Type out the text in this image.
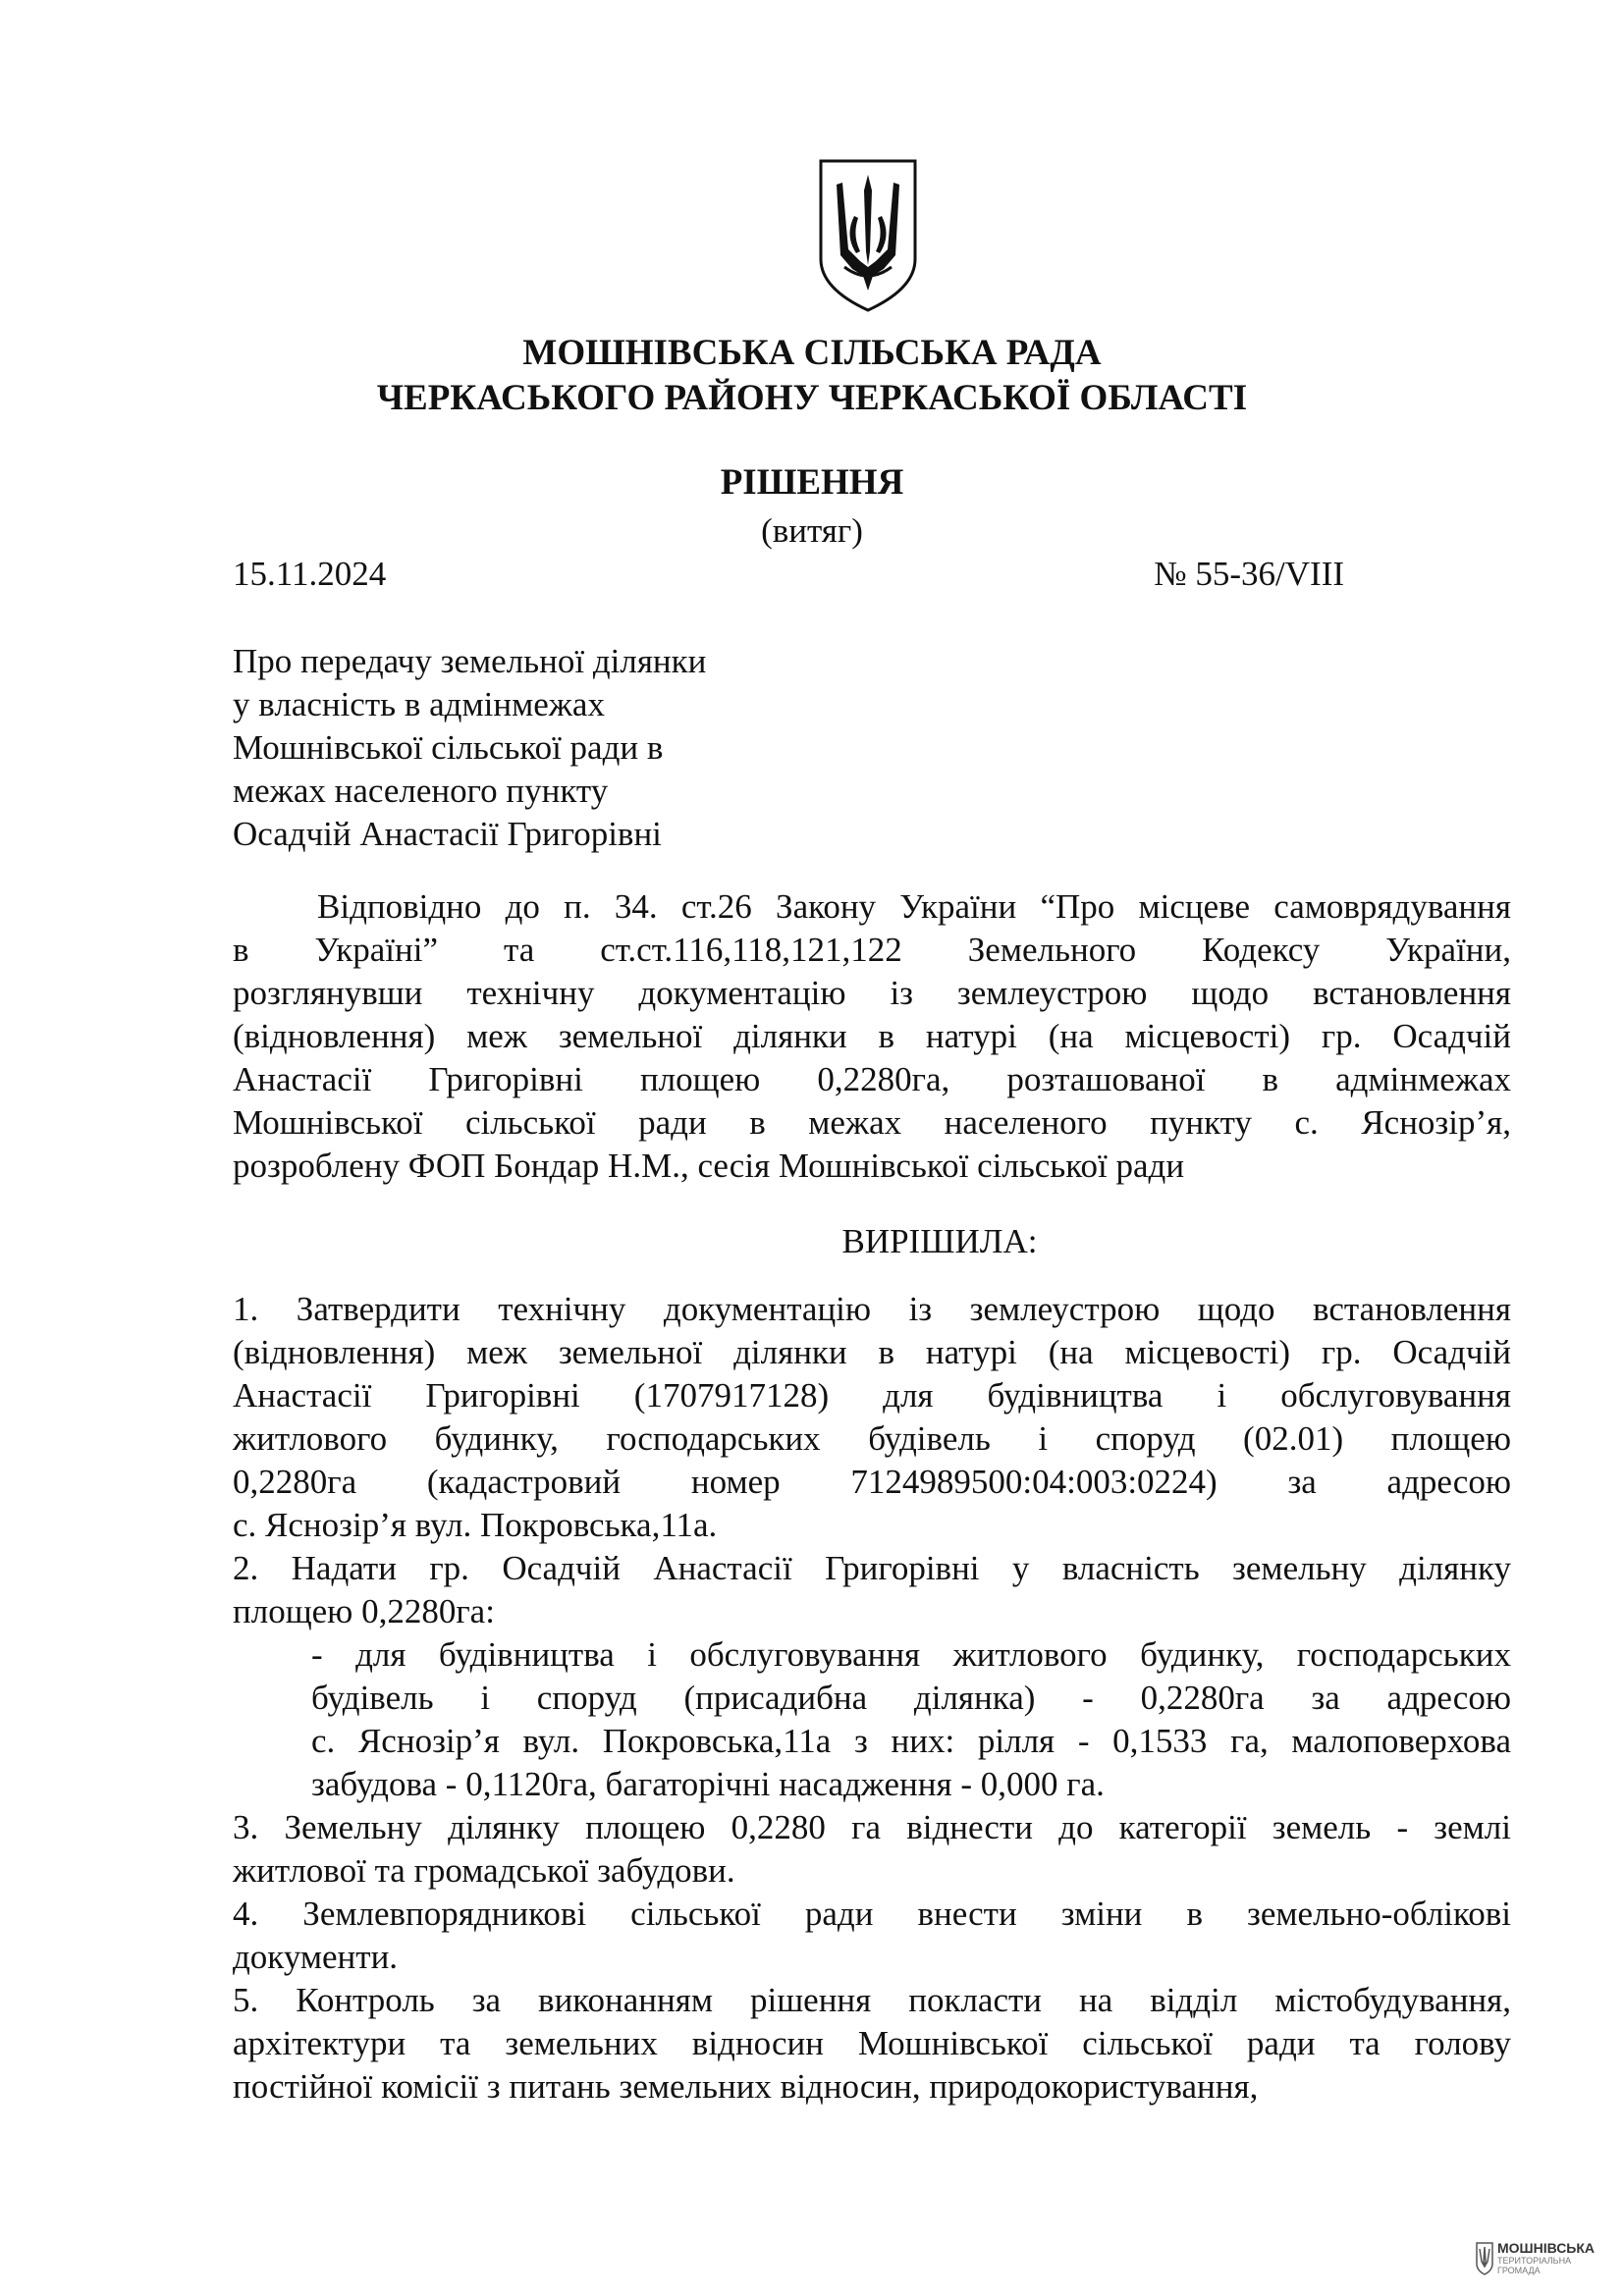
МОШНІВСЬКА СІЛЬСЬКА РАДА
ЧЕРКАСЬКОГО РАЙОНУ ЧЕРКАСЬКОЇ ОБЛАСТІ
РІШЕННЯ
(витяг)
15.11.2024	№ 55-36/VIII
Про передачу земельної ділянки
у власність в адмінмежах
Мошнівської сільської ради в
межах населеного пункту
Осадчій Анастасії Григорівні
Відповідно до п. 34. ст.26 Закону України “Про місцеве самоврядування
в Україні” та ст.ст.116,118,121,122 Земельного Кодексу України,
розглянувши технічну документацію із землеустрою щодо встановлення
(відновлення) меж земельної ділянки в натурі (на місцевості) гр. Осадчій
Анастасії Григорівні площею 0,2280га, розташованої в адмінмежах
Мошнівської сільської ради в межах населеного пункту с. Яснозір’я,
розроблену ФОП Бондар Н.М., сесія Мошнівської сільської ради
ВИРІШИЛА:
1. Затвердити технічну документацію із землеустрою щодо встановлення
(відновлення) меж земельної ділянки в натурі (на місцевості) гр. Осадчій
Анастасії Григорівні (1707917128) для будівництва і обслуговування
житлового будинку, господарських будівель і споруд (02.01) площею
0,2280га (кадастровий номер 7124989500:04:003:0224) за адресою
с. Яснозір’я вул. Покровська,11а.
2. Надати гр. Осадчій Анастасії Григорівні у власність земельну ділянку
площею 0,2280га:
- для будівництва і обслуговування житлового будинку, господарських
будівель і споруд (присадибна ділянка) - 0,2280га за адресою
с. Яснозір’я вул. Покровська,11а з них: рілля - 0,1533 га, малоповерхова
забудова - 0,1120га, багаторічні насадження - 0,000 га.
3. Земельну ділянку площею 0,2280 га віднести до категорії земель - землі
житлової та громадської забудови.
4. Землевпорядникові сільської ради внести зміни в земельно-облікові
документи.
5. Контроль за виконанням рішення покласти на відділ містобудування,
архітектури та земельних відносин Мошнівської сільської ради та голову
постійної комісії з питань земельних відносин, природокористування,
МОШНІВСЬКА
ТЕРИТОРІАЛЬНА ГРОМАДА
